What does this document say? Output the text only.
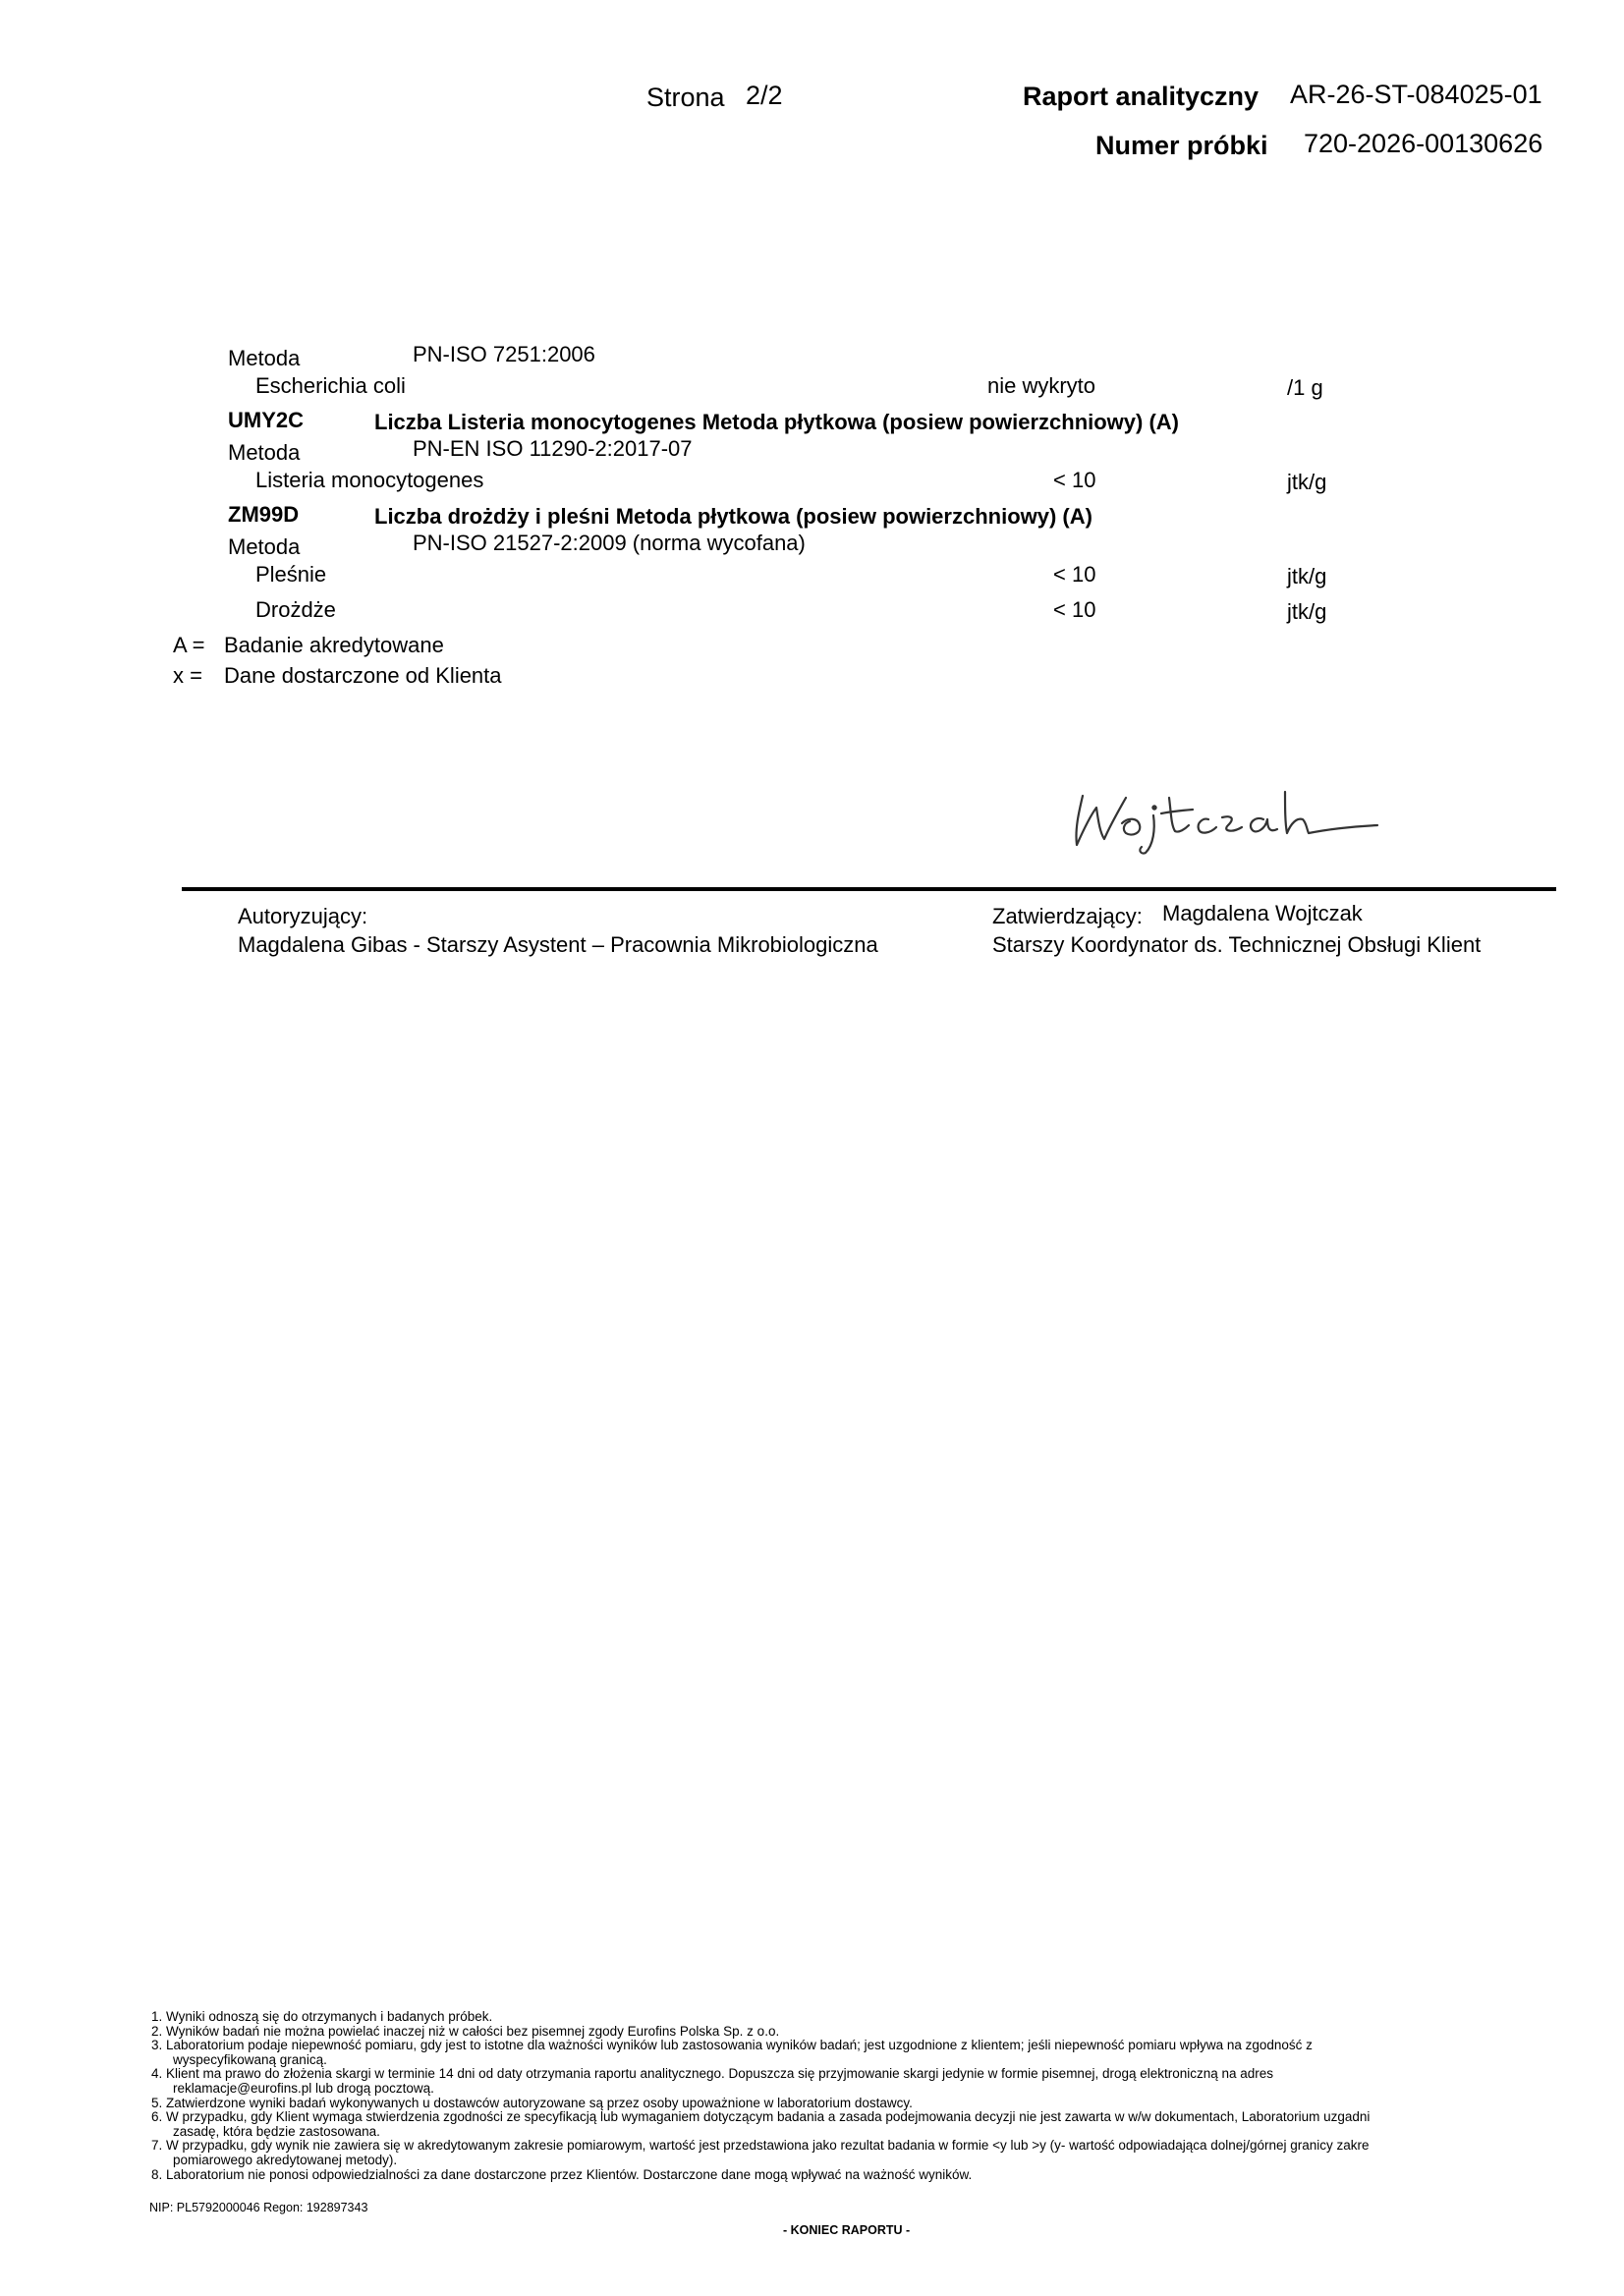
Strona 2/2	Raport analityczny AR-26-ST-084025-01
Numer próbki 720-2026-00130626
Metoda	PN-ISO 7251:2006
Escherichia coli	nie wykryto	/1 g
UMY2C	Liczba Listeria monocytogenes Metoda płytkowa (posiew powierzchniowy) (A)
Metoda	PN-EN ISO 11290-2:2017-07
Listeria monocytogenes	< 10	jtk/g
ZM99D	Liczba drożdży i pleśni Metoda płytkowa (posiew powierzchniowy) (A)
Metoda	PN-ISO 21527-2:2009 (norma wycofana)
Pleśnie	< 10	jtk/g
Drożdże	< 10	jtk/g
A = Badanie akredytowane
x = Dane dostarczone od Klienta
Autoryzujący:
Magdalena Gibas - Starszy Asystent – Pracownia Mikrobiologiczna
Zatwierdzający: Magdalena Wojtczak
Starszy Koordynator ds. Technicznej Obsługi Klient
1. Wyniki odnoszą się do otrzymanych i badanych próbek.
2. Wyników badań nie można powielać inaczej niż w całości bez pisemnej zgody Eurofins Polska Sp. z o.o.
3. Laboratorium podaje niepewność pomiaru, gdy jest to istotne dla ważności wyników lub zastosowania wyników badań; jest uzgodnione z klientem; jeśli niepewność pomiaru wpływa na zgodność z
wyspecyfikowaną granicą.
4. Klient ma prawo do złożenia skargi w terminie 14 dni od daty otrzymania raportu analitycznego. Dopuszcza się przyjmowanie skargi jedynie w formie pisemnej, drogą elektroniczną na adres
reklamacje@eurofins.pl lub drogą pocztową.
5. Zatwierdzone wyniki badań wykonywanych u dostawców autoryzowane są przez osoby upoważnione w laboratorium dostawcy.
6. W przypadku, gdy Klient wymaga stwierdzenia zgodności ze specyfikacją lub wymaganiem dotyczącym badania a zasada podejmowania decyzji nie jest zawarta w w/w dokumentach, Laboratorium uzgadni
zasadę, która będzie zastosowana.
7. W przypadku, gdy wynik nie zawiera się w akredytowanym zakresie pomiarowym, wartość jest przedstawiona jako rezultat badania w formie <y lub >y (y- wartość odpowiadająca dolnej/górnej granicy zakre
pomiarowego akredytowanej metody).
8. Laboratorium nie ponosi odpowiedzialności za dane dostarczone przez Klientów. Dostarczone dane mogą wpływać na ważność wyników.
NIP: PL5792000046 Regon: 192897343
- KONIEC RAPORTU -
